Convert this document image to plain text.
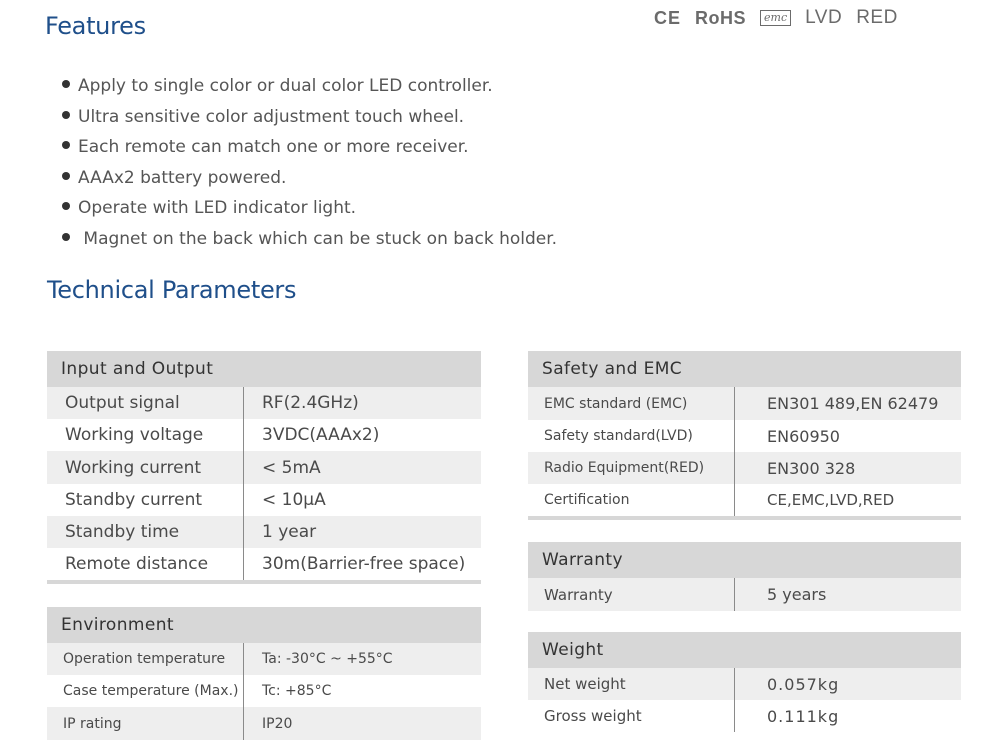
Features	CE RoHS	emc LVD RED
Apply to single color or dual color LED controller.
Ultra sensitive color adjustment touch wheel.
Each remote can match one or more receiver.
AAAx2 battery powered.
Operate with LED indicator light.
Magnet on the back which can be stuck on back holder.
Technical Parameters
Input and Output
Output signal	RF(2.4GHz)
Working voltage	3VDC(AAAx2)
Working current	< 5mA
Standby current	< 10μA
Standby time	1 year
Remote distance	30m(Barrier-free space)
Environment
Operation temperature	Ta: -30°C ~ +55°C
Case temperature (Max.)	Tc: +85°C
IP rating	IP20
Safety and EMC
EMC standard (EMC)	EN301 489,EN 62479
Safety standard(LVD)	EN60950
Radio Equipment(RED)	EN300 328
Certification	CE,EMC,LVD,RED
Warranty
Warranty	5 years
Weight
Net weight	0.057kg
Gross weight	0.111kg
